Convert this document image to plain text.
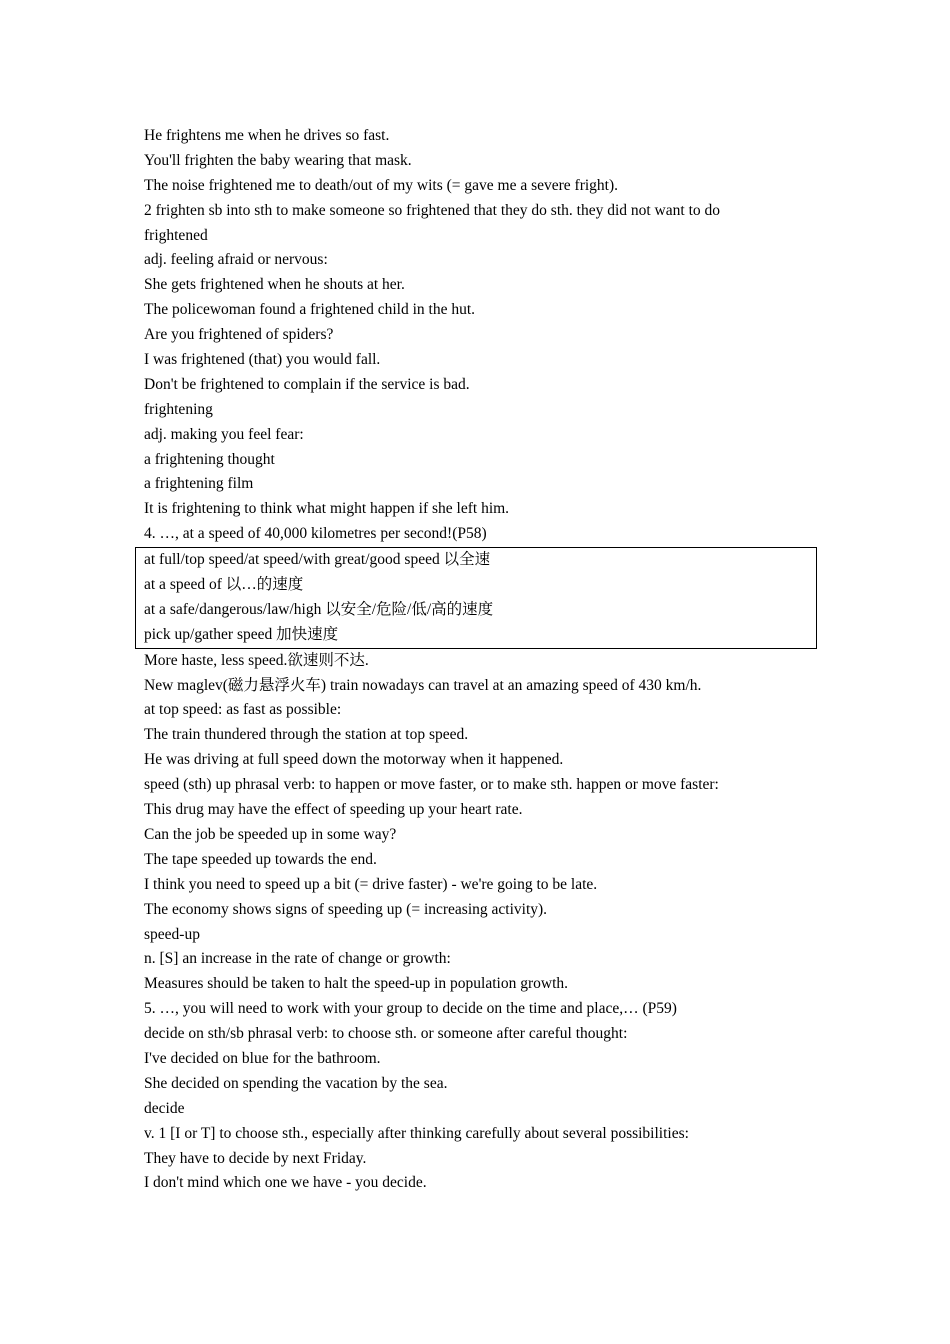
He frightens me when he drives so fast.
You'll frighten the baby wearing that mask.
The noise frightened me to death/out of my wits (= gave me a severe fright).
2 frighten sb into sth to make someone so frightened that they do sth. they did not want to do
frightened
adj. feeling afraid or nervous:
She gets frightened when he shouts at her.
The policewoman found a frightened child in the hut.
Are you frightened of spiders?
I was frightened (that) you would fall.
Don't be frightened to complain if the service is bad.
frightening
adj. making you feel fear:
a frightening thought
a frightening film
It is frightening to think what might happen if she left him.
4. …, at a speed of 40,000 kilometres per second!(P58)
at full/top speed/at speed/with great/good speed 以全速
at a speed of 以…的速度
at a safe/dangerous/law/high 以安全/危险/低/高的速度
pick up/gather speed 加快速度
More haste, less speed.欲速则不达.
New maglev(磁力悬浮火车) train nowadays can travel at an amazing speed of 430 km/h.
at top speed: as fast as possible:
The train thundered through the station at top speed.
He was driving at full speed down the motorway when it happened.
speed (sth) up phrasal verb: to happen or move faster, or to make sth. happen or move faster:
This drug may have the effect of speeding up your heart rate.
Can the job be speeded up in some way?
The tape speeded up towards the end.
I think you need to speed up a bit (= drive faster) - we're going to be late.
The economy shows signs of speeding up (= increasing activity).
speed-up
n. [S] an increase in the rate of change or growth:
Measures should be taken to halt the speed-up in population growth.
5. …, you will need to work with your group to decide on the time and place,… (P59)
decide on sth/sb phrasal verb: to choose sth. or someone after careful thought:
I've decided on blue for the bathroom.
She decided on spending the vacation by the sea.
decide
v. 1 [I or T] to choose sth., especially after thinking carefully about several possibilities:
They have to decide by next Friday.
I don't mind which one we have - you decide.
